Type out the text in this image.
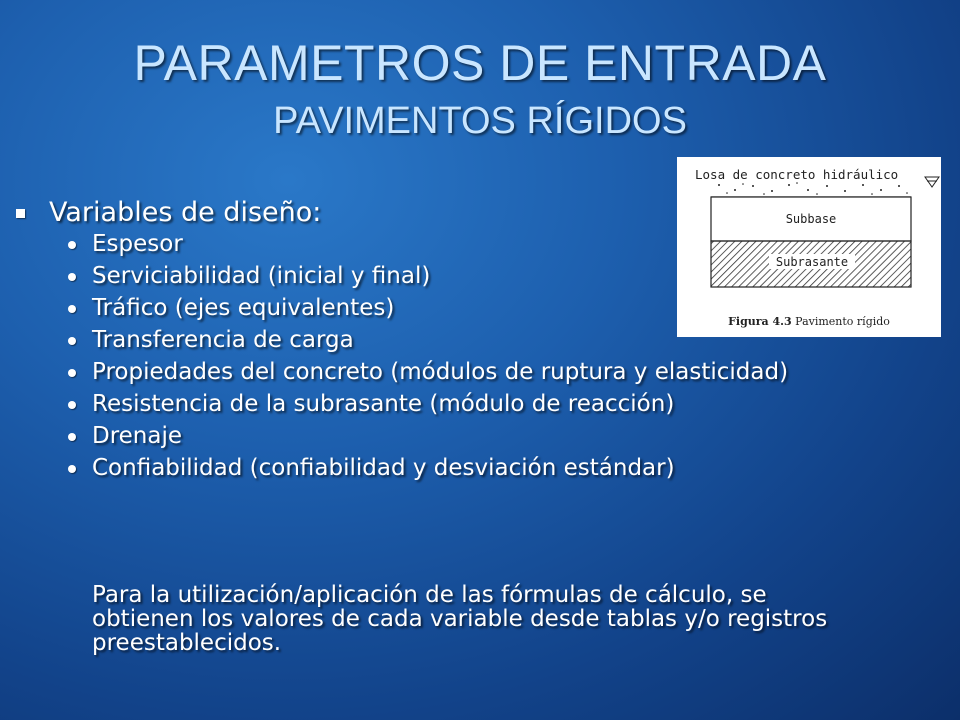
PARAMETROS DE ENTRADA
PAVIMENTOS RÍGIDOS
Variables de diseño:
Espesor
Serviciabilidad (inicial y final)
Tráfico (ejes equivalentes)
Transferencia de carga
Propiedades del concreto (módulos de ruptura y elasticidad)
Resistencia de la subrasante (módulo de reacción)
Drenaje
Confiabilidad (confiabilidad y desviación estándar)
Para la utilización/aplicación de las fórmulas de cálculo, se obtienen los valores de cada variable desde tablas y/o registros preestablecidos.
Losa de concreto hidráulico
Subbase
Subrasante
Figura 4.3 Pavimento rígido
